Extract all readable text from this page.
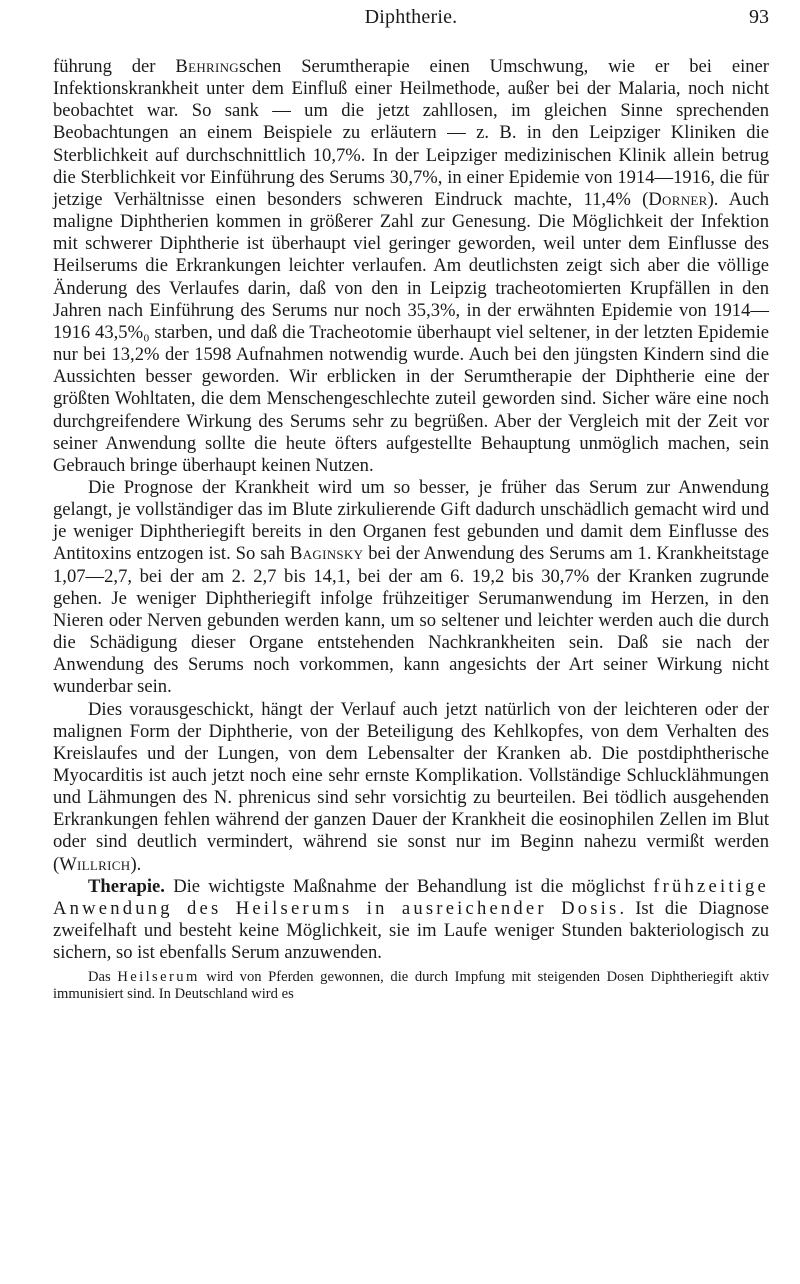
Diphtherie.	93

führung der Behringschen Serumtherapie einen Umschwung, wie er bei einer Infektionskrankheit unter dem Einfluß einer Heilmethode, außer bei der Malaria, noch nicht beobachtet war. So sank — um die jetzt zahllosen, im gleichen Sinne sprechenden Beobachtungen an einem Beispiele zu erläutern — z. B. in den Leipziger Kliniken die Sterblichkeit auf durchschnittlich 10,7%. In der Leipziger medizinischen Klinik allein betrug die Sterblichkeit vor Einführung des Serums 30,7%, in einer Epidemie von 1914—1916, die für jetzige Verhältnisse einen besonders schweren Eindruck machte, 11,4% (Dorner). Auch maligne Diphtherien kommen in größerer Zahl zur Genesung. Die Möglichkeit der Infektion mit schwerer Diphtherie ist überhaupt viel geringer geworden, weil unter dem Einflusse des Heilserums die Erkrankungen leichter verlaufen. Am deutlichsten zeigt sich aber die völlige Änderung des Verlaufes darin, daß von den in Leipzig tracheotomierten Krupfällen in den Jahren nach Einführung des Serums nur noch 35,3%, in der erwähnten Epidemie von 1914—1916 43,5%₀ starben, und daß die Tracheotomie überhaupt viel seltener, in der letzten Epidemie nur bei 13,2% der 1598 Aufnahmen notwendig wurde. Auch bei den jüngsten Kindern sind die Aussichten besser geworden. Wir erblicken in der Serumtherapie der Diphtherie eine der größten Wohltaten, die dem Menschengeschlechte zuteil geworden sind. Sicher wäre eine noch durchgreifendere Wirkung des Serums sehr zu begrüßen. Aber der Vergleich mit der Zeit vor seiner Anwendung sollte die heute öfters aufgestellte Behauptung unmöglich machen, sein Gebrauch bringe überhaupt keinen Nutzen.

Die Prognose der Krankheit wird um so besser, je früher das Serum zur Anwendung gelangt, je vollständiger das im Blute zirkulierende Gift dadurch unschädlich gemacht wird und je weniger Diphtheriegift bereits in den Organen fest gebunden und damit dem Einflusse des Antitoxins entzogen ist. So sah Baginsky bei der Anwendung des Serums am 1. Krankheitstage 1,07—2,7, bei der am 2. 2,7 bis 14,1, bei der am 6. 19,2 bis 30,7% der Kranken zugrunde gehen. Je weniger Diphtheriegift infolge frühzeitiger Serumanwendung im Herzen, in den Nieren oder Nerven gebunden werden kann, um so seltener und leichter werden auch die durch die Schädigung dieser Organe entstehenden Nachkrankheiten sein. Daß sie nach der Anwendung des Serums noch vorkommen, kann angesichts der Art seiner Wirkung nicht wunderbar sein.

Dies vorausgeschickt, hängt der Verlauf auch jetzt natürlich von der leichteren oder der malignen Form der Diphtherie, von der Beteiligung des Kehlkopfes, von dem Verhalten des Kreislaufes und der Lungen, von dem Lebensalter der Kranken ab. Die postdiphtherische Myocarditis ist auch jetzt noch eine sehr ernste Komplikation. Vollständige Schlucklähmungen und Lähmungen des N. phrenicus sind sehr vorsichtig zu beurteilen. Bei tödlich ausgehenden Erkrankungen fehlen während der ganzen Dauer der Krankheit die eosinophilen Zellen im Blut oder sind deutlich vermindert, während sie sonst nur im Beginn nahezu vermißt werden (Willrich).

Therapie. Die wichtigste Maßnahme der Behandlung ist die möglichst frühzeitige Anwendung des Heilserums in ausreichender Dosis. Ist die Diagnose zweifelhaft und besteht keine Möglichkeit, sie im Laufe weniger Stunden bakteriologisch zu sichern, so ist ebenfalls Serum anzuwenden.

Das Heilserum wird von Pferden gewonnen, die durch Impfung mit steigenden Dosen Diphtheriegift aktiv immunisiert sind. In Deutschland wird es
